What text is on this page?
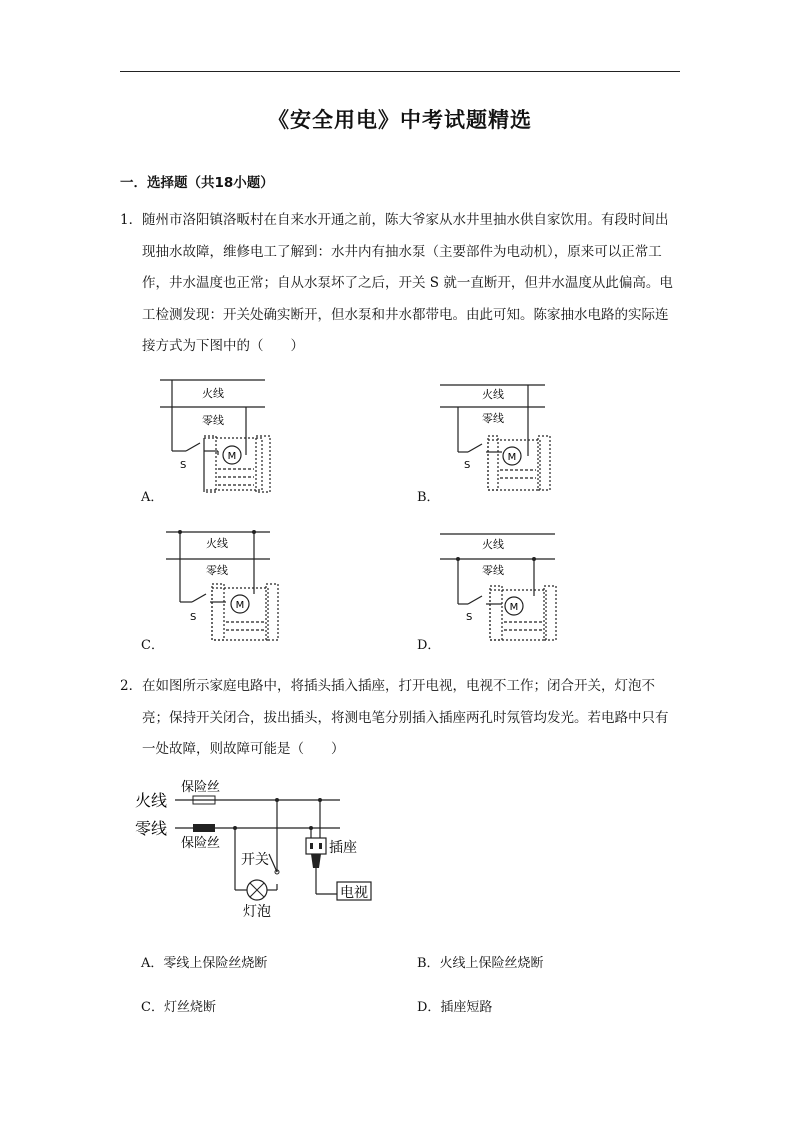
《安全用电》中考试题精选
一．选择题（共18小题）
1． 随州市洛阳镇洛畈村在自来水开通之前，陈大爷家从水井里抽水供自家饮用。有段时间出现抽水故障，维修电工了解到：水井内有抽水泵（主要部件为电动机），原来可以正常工作，井水温度也正常；自从水泵坏了之后，开关 S 就一直断开，但井水温度从此偏高。电工检测发现：开关处确实断开，但水泵和井水都带电。由此可知。陈家抽水电路的实际连接方式为下图中的（　　）
A．	B．
C．	D．
M
火线
零线
S
M
火线
零线
S
M
火线
零线
S
M
火线
零线
S
2． 在如图所示家庭电路中，将插头插入插座，打开电视，电视不工作；闭合开关，灯泡不亮；保持开关闭合，拔出插头，将测电笔分别插入插座两孔时氖管均发光。若电路中只有一处故障，则故障可能是（　　）
火线
零线
保险丝
保险丝
开关
插座
电视
灯泡
A．零线上保险丝烧断	B．火线上保险丝烧断
C．灯丝烧断	D．插座短路
